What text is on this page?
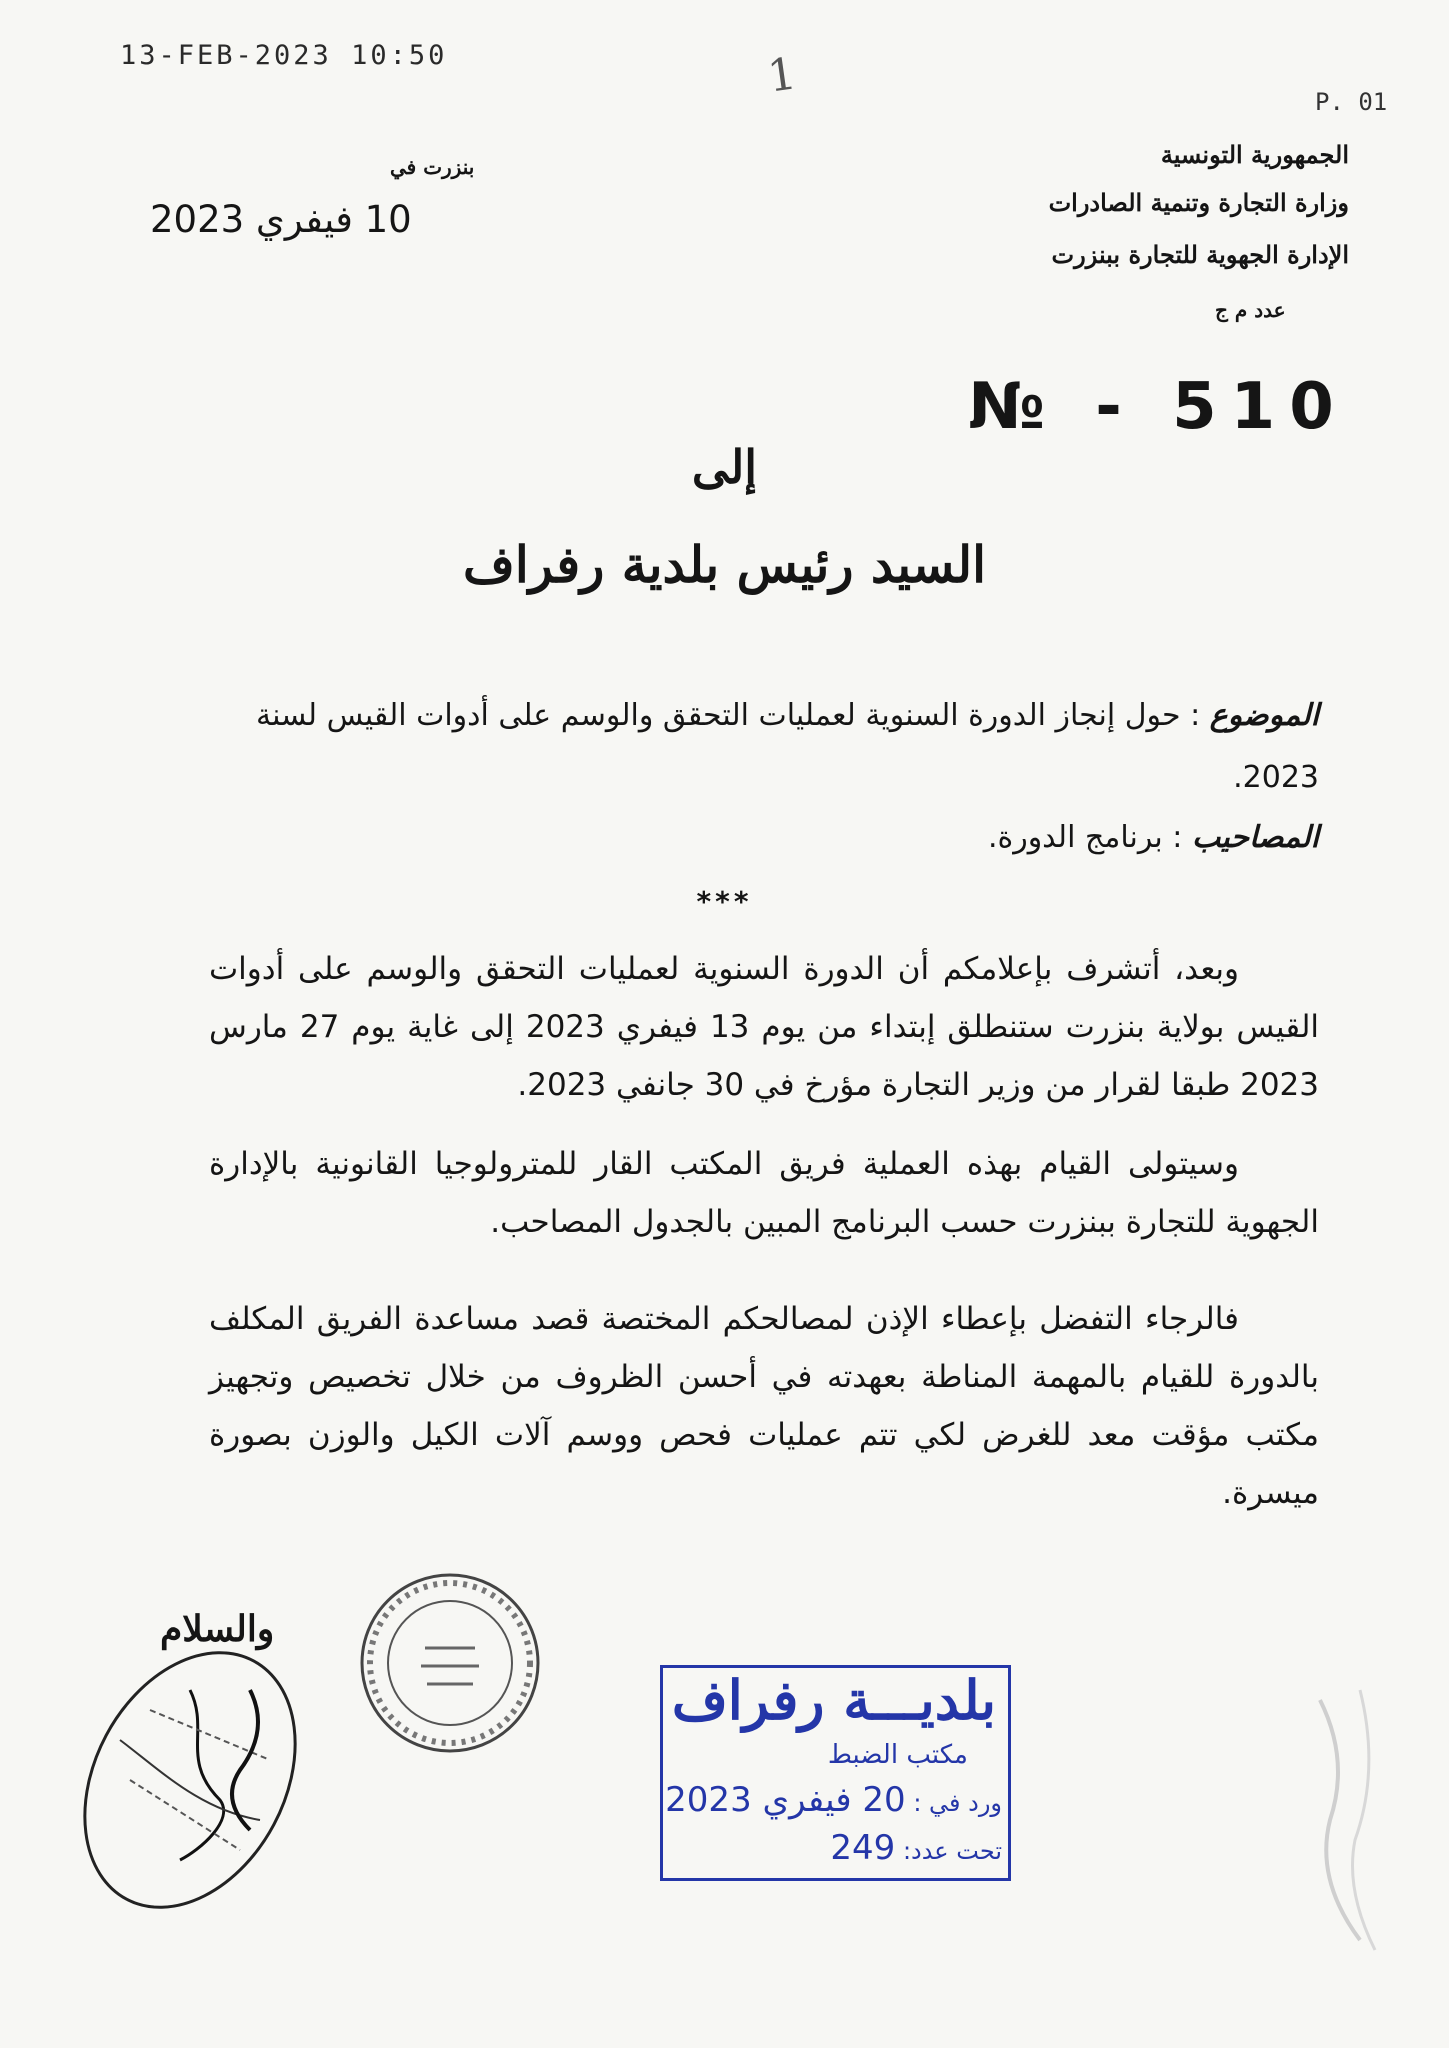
13-FEB-2023 10:50
P. 01
1
الجمهورية التونسية
وزارة التجارة وتنمية الصادرات
الإدارة الجهوية للتجارة ببنزرت
عدد م ج
بنزرت في
10 فيفري 2023
№ ‑ 510
إلى
السيد رئيس بلدية رفراف
الموضوع : حول إنجاز الدورة السنوية لعمليات التحقق والوسم على أدوات القيس لسنة 2023.
المصاحيب : برنامج الدورة.
***

وبعد، أتشرف بإعلامكم أن الدورة السنوية لعمليات التحقق والوسم على أدوات القيس بولاية بنزرت ستنطلق إبتداء من يوم 13 فيفري 2023 إلى غاية يوم 27 مارس 2023 طبقا لقرار من وزير التجارة مؤرخ في 30 جانفي 2023.

وسيتولى القيام بهذه العملية فريق المكتب القار للمترولوجيا القانونية بالإدارة الجهوية للتجارة ببنزرت حسب البرنامج المبين بالجدول المصاحب.

فالرجاء التفضل بإعطاء الإذن لمصالحكم المختصة قصد مساعدة الفريق المكلف بالدورة للقيام بالمهمة المناطة بعهدته في أحسن الظروف من خلال تخصيص وتجهيز مكتب مؤقت معد للغرض لكي تتم عمليات فحص ووسم آلات الكيل والوزن بصورة ميسرة.

والسلام
بلديـــة رفراف
مكتب الضبط
ورد في : 20 فيفري 2023
تحت عدد: 249
